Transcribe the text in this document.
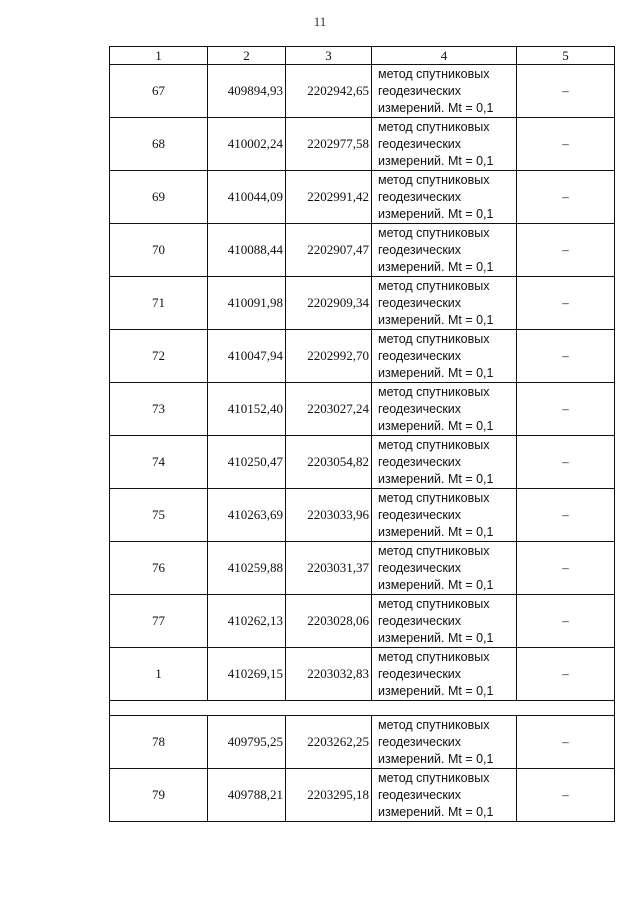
11
1	2	3	4	5
67	409894,93	2202942,65	метод спутниковых
геодезических
измерений. Mt = 0,1	–
68	410002,24	2202977,58	метод спутниковых
геодезических
измерений. Mt = 0,1	–
69	410044,09	2202991,42	метод спутниковых
геодезических
измерений. Mt = 0,1	–
70	410088,44	2202907,47	метод спутниковых
геодезических
измерений. Mt = 0,1	–
71	410091,98	2202909,34	метод спутниковых
геодезических
измерений. Mt = 0,1	–
72	410047,94	2202992,70	метод спутниковых
геодезических
измерений. Mt = 0,1	–
73	410152,40	2203027,24	метод спутниковых
геодезических
измерений. Mt = 0,1	–
74	410250,47	2203054,82	метод спутниковых
геодезических
измерений. Mt = 0,1	–
75	410263,69	2203033,96	метод спутниковых
геодезических
измерений. Mt = 0,1	–
76	410259,88	2203031,37	метод спутниковых
геодезических
измерений. Mt = 0,1	–
77	410262,13	2203028,06	метод спутниковых
геодезических
измерений. Mt = 0,1	–
1	410269,15	2203032,83	метод спутниковых
геодезических
измерений. Mt = 0,1	–

78	409795,25	2203262,25	метод спутниковых
геодезических
измерений. Mt = 0,1	–
79	409788,21	2203295,18	метод спутниковых
геодезических
измерений. Mt = 0,1	–
·
